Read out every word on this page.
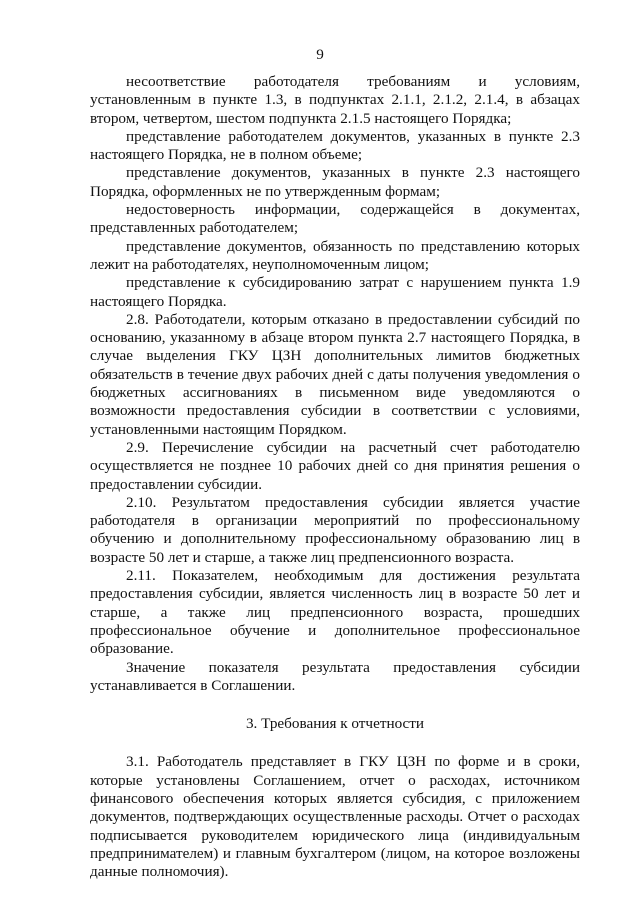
9

несоответствие работодателя требованиям и условиям, установленным в пункте 1.3, в подпунктах 2.1.1, 2.1.2, 2.1.4, в абзацах втором, четвертом, шестом подпункта 2.1.5 настоящего Порядка;

представление работодателем документов, указанных в пункте 2.3 настоящего Порядка, не в полном объеме;

представление документов, указанных в пункте 2.3 настоящего Порядка, оформленных не по утвержденным формам;

недостоверность информации, содержащейся в документах, представленных работодателем;

представление документов, обязанность по представлению которых лежит на работодателях, неуполномоченным лицом;

представление к субсидированию затрат с нарушением пункта 1.9 настоящего Порядка.

2.8. Работодатели, которым отказано в предоставлении субсидий по основанию, указанному в абзаце втором пункта 2.7 настоящего Порядка, в случае выделения ГКУ ЦЗН дополнительных лимитов бюджетных обязательств в течение двух рабочих дней с даты получения уведомления о бюджетных ассигнованиях в письменном виде уведомляются о возможности предоставления субсидии в соответствии с условиями, установленными настоящим Порядком.

2.9. Перечисление субсидии на расчетный счет работодателю осуществляется не позднее 10 рабочих дней со дня принятия решения о предоставлении субсидии.

2.10. Результатом предоставления субсидии является участие работодателя в организации мероприятий по профессиональному обучению и дополнительному профессиональному образованию лиц в возрасте 50 лет и старше, а также лиц предпенсионного возраста.

2.11. Показателем, необходимым для достижения результата предоставления субсидии, является численность лиц в возрасте 50 лет и старше, а также лиц предпенсионного возраста, прошедших профессиональное обучение и дополнительное профессиональное образование.

Значение показателя результата предоставления субсидии устанавливается в Соглашении.

3. Требования к отчетности

3.1. Работодатель представляет в ГКУ ЦЗН по форме и в сроки, которые установлены Соглашением, отчет о расходах, источником финансового обеспечения которых является субсидия, с приложением документов, подтверждающих осуществленные расходы. Отчет о расходах подписывается руководителем юридического лица (индивидуальным предпринимателем) и главным бухгалтером (лицом, на которое возложены данные полномочия).
